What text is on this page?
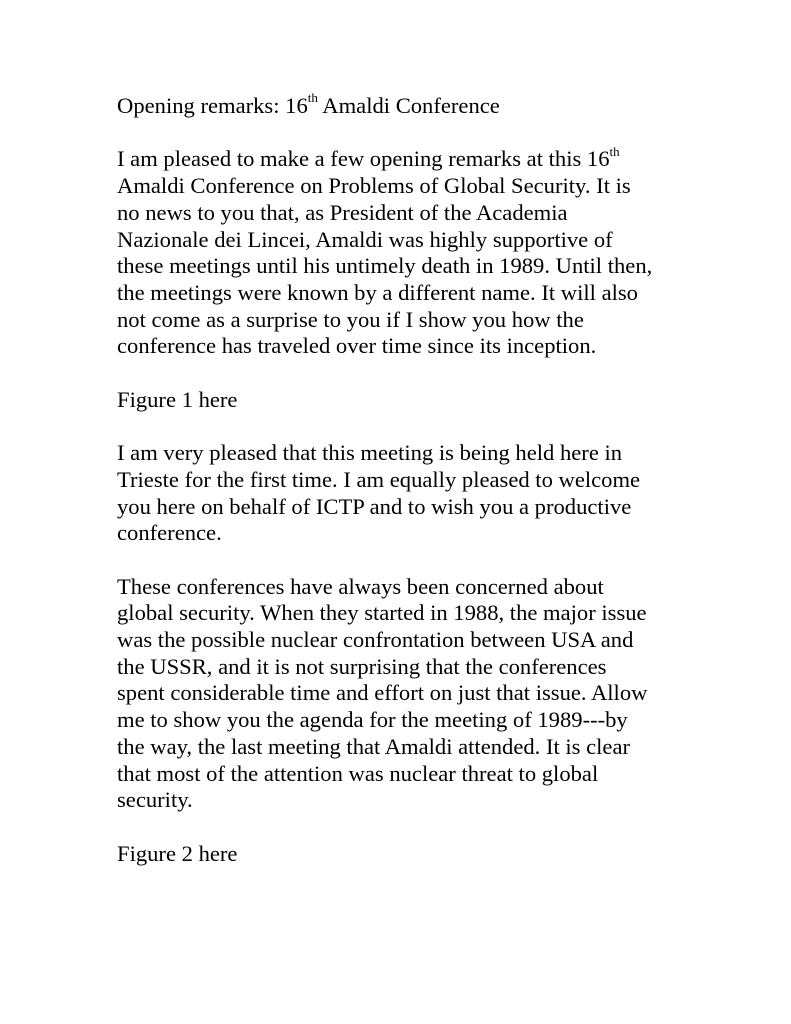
Opening remarks: 16th Amaldi Conference

I am pleased to make a few opening remarks at this 16th
Amaldi Conference on Problems of Global Security. It is
no news to you that, as President of the Academia
Nazionale dei Lincei, Amaldi was highly supportive of
these meetings until his untimely death in 1989. Until then,
the meetings were known by a different name. It will also
not come as a surprise to you if I show you how the
conference has traveled over time since its inception.

Figure 1 here

I am very pleased that this meeting is being held here in
Trieste for the first time. I am equally pleased to welcome
you here on behalf of ICTP and to wish you a productive
conference.

These conferences have always been concerned about
global security. When they started in 1988, the major issue
was the possible nuclear confrontation between USA and
the USSR, and it is not surprising that the conferences
spent considerable time and effort on just that issue. Allow
me to show you the agenda for the meeting of 1989---by
the way, the last meeting that Amaldi attended. It is clear
that most of the attention was nuclear threat to global
security.

Figure 2 here
